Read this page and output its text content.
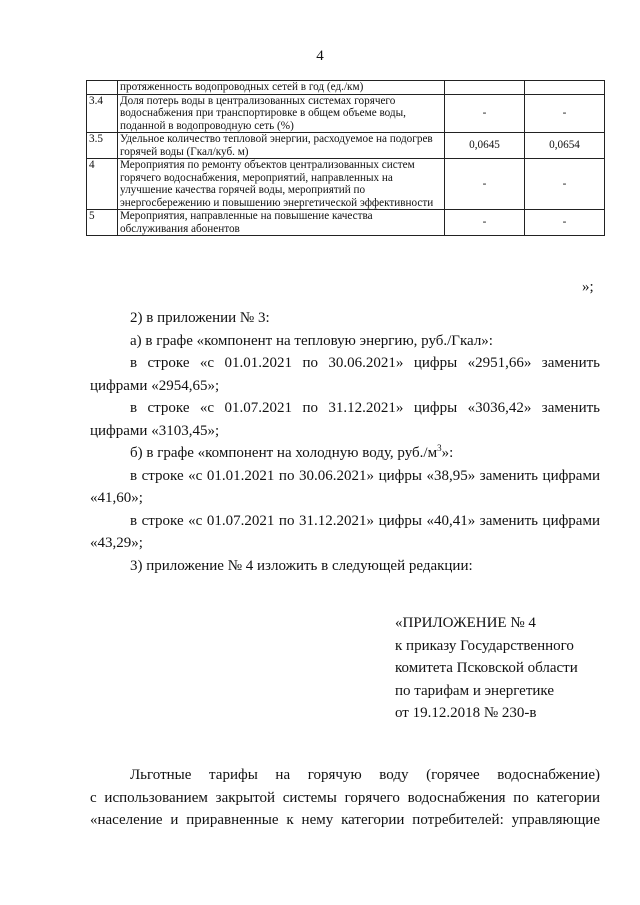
4
	протяженность водопроводных сетей в год (ед./км)		
3.4	Доля потерь воды в централизованных системах горячего водоснабжения при транспортировке в общем объеме воды, поданной в водопроводную сеть (%)	-	-
3.5	Удельное количество тепловой энергии, расходуемое на подогрев горячей воды (Гкал/куб. м)	0,0645	0,0654
4	Мероприятия по ремонту объектов централизованных систем горячего водоснабжения, мероприятий, направленных на улучшение качества горячей воды, мероприятий по энергосбережению и повышению энергетической эффективности	-	-
5	Мероприятия, направленные на повышение качества обслуживания абонентов	-	-
»;

2) в приложении № 3:

а) в графе «компонент на тепловую энергию, руб./Гкал»:

в строке «с 01.01.2021 по 30.06.2021» цифры «2951,66» заменить

цифрами «2954,65»;

в строке «с 01.07.2021 по 31.12.2021» цифры «3036,42» заменить

цифрами «3103,45»;

б) в графе «компонент на холодную воду, $руб./м^3$»:

в строке «с 01.01.2021 по 30.06.2021» цифры «38,95» заменить цифрами

«41,60»;

в строке «с 01.07.2021 по 31.12.2021» цифры «40,41» заменить цифрами

«43,29»;

3) приложение № 4 изложить в следующей редакции:

«ПРИЛОЖЕНИЕ № 4
к приказу Государственного
комитета Псковской области
по тарифам и энергетике
от 19.12.2018 № 230-в

Льготные тарифы на горячую воду (горячее водоснабжение)

с использованием закрытой системы горячего водоснабжения по категории

«население и приравненные к нему категории потребителей: управляющие
